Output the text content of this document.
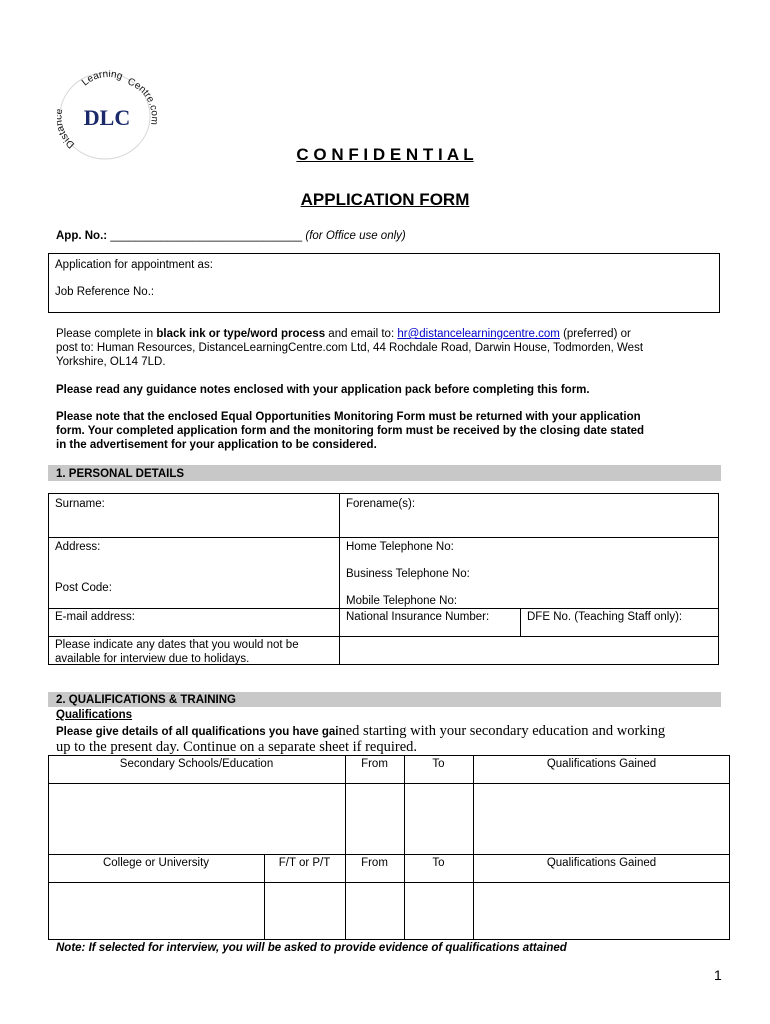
Dist
Learning
Centre.
DLC
C O N F I D E N T I A L
APPLICATION FORM
App. No.: ______________________________ (for Office use only)
Application for appointment as:
Job Reference No.:
Please complete in black ink or type/word process and email to: hr@distancelearningcentre.com (preferred) or
post to: Human Resources, DistanceLearningCentre.com Ltd, 44 Rochdale Road, Darwin House, Todmorden, West
Yorkshire, OL14 7LD.
Please read any guidance notes enclosed with your application pack before completing this form.
Please note that the enclosed Equal Opportunities Monitoring Form must be returned with your application
form. Your completed application form and the monitoring form must be received by the closing date stated
in the advertisement for your application to be considered.
1. PERSONAL DETAILS
Surname:	Forename(s):
Address:
Post Code:
Home Telephone No:
Business Telephone No:
Mobile Telephone No:
E-mail address:	National Insurance Number:	DFE No. (Teaching Staff only):
Please indicate any dates that you would not be
available for interview due to holidays.
2. QUALIFICATIONS & TRAINING
Qualifications
Please give details of all qualifications you have gained starting with your secondary education and working
up to the present day. Continue on a separate sheet if required.
Secondary Schools/Education	From	To	Qualifications Gained
College or University	F/T or P/T	From	To	Qualifications Gained
Note: If selected for interview, you will be asked to provide evidence of qualifications attained
1
